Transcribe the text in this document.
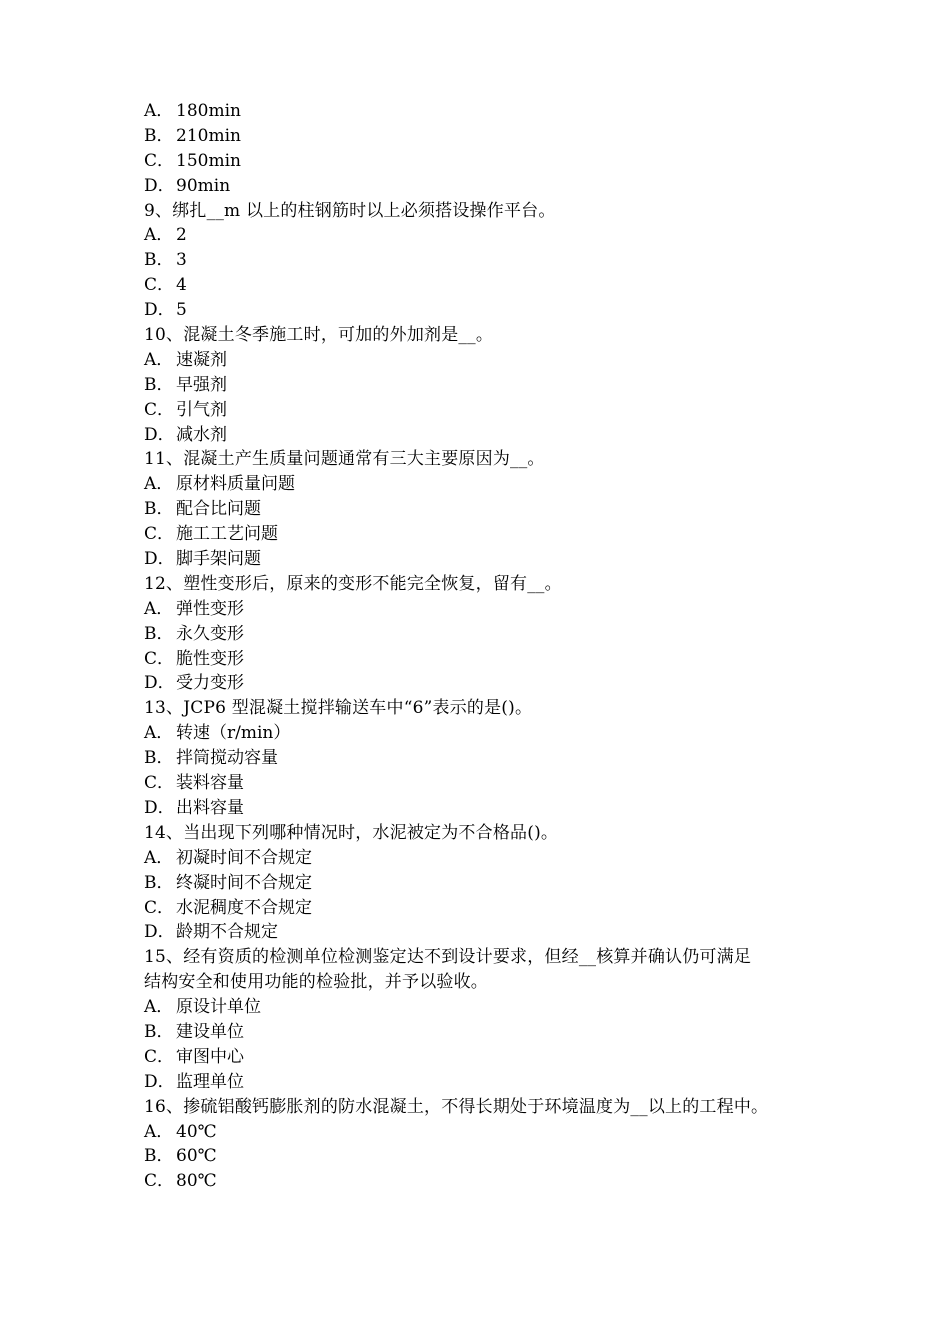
A． 180min
B． 210min
C． 150min
D．90min
9、绑扎__m 以上的柱钢筋时以上必须搭设操作平台。
A． 2
B． 3
C． 4
D．5
10、混凝土冬季施工时，可加的外加剂是__。
A． 速凝剂
B． 早强剂
C． 引气剂
D．减水剂
11、混凝土产生质量问题通常有三大主要原因为__。
A． 原材料质量问题
B． 配合比问题
C． 施工工艺问题
D．脚手架问题
12、塑性变形后，原来的变形不能完全恢复，留有__。
A． 弹性变形
B． 永久变形
C． 脆性变形
D．受力变形
13、JCP6 型混凝土搅拌输送车中“6”表示的是()。
A． 转速（r/min）
B． 拌筒搅动容量
C． 装料容量
D．出料容量
14、当出现下列哪种情况时，水泥被定为不合格品()。
A． 初凝时间不合规定
B． 终凝时间不合规定
C． 水泥稠度不合规定
D．龄期不合规定
15、经有资质的检测单位检测鉴定达不到设计要求，但经__核算并确认仍可满足
结构安全和使用功能的检验批，并予以验收。
A． 原设计单位
B． 建设单位
C． 审图中心
D．监理单位
16、掺硫铝酸钙膨胀剂的防水混凝土，不得长期处于环境温度为__以上的工程中。
A． 40℃
B． 60℃
C． 80℃
